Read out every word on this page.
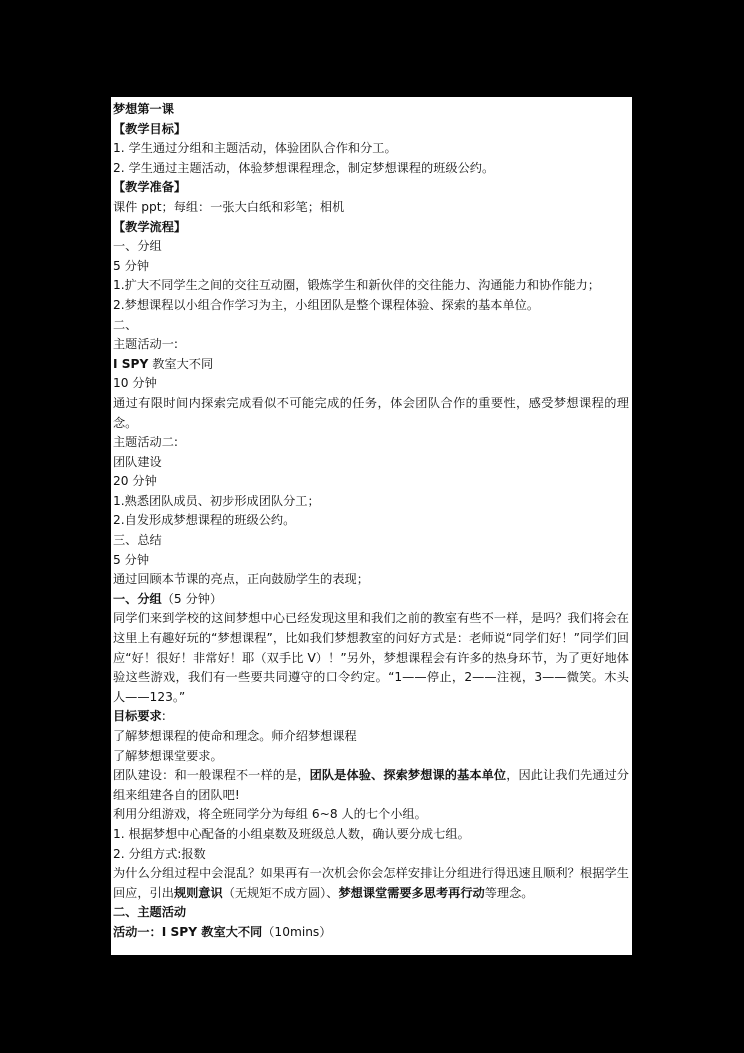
梦想第一课
【教学目标】
1. 学生通过分组和主题活动，体验团队合作和分工。
2. 学生通过主题活动，体验梦想课程理念，制定梦想课程的班级公约。
【教学准备】
课件 ppt；每组：一张大白纸和彩笔；相机
【教学流程】
一、分组
5 分钟
1.扩大不同学生之间的交往互动圈，锻炼学生和新伙伴的交往能力、沟通能力和协作能力；
2.梦想课程以小组合作学习为主，小组团队是整个课程体验、探索的基本单位。
二、
主题活动一:
I SPY 教室大不同
10 分钟
通过有限时间内探索完成看似不可能完成的任务，体会团队合作的重要性，感受梦想课程的理念。
主题活动二:
团队建设
20 分钟
1.熟悉团队成员、初步形成团队分工；
2.自发形成梦想课程的班级公约。
三、总结
5 分钟
通过回顾本节课的亮点，正向鼓励学生的表现；
一、分组（5 分钟）
同学们来到学校的这间梦想中心已经发现这里和我们之前的教室有些不一样，是吗？我们将会在这里上有趣好玩的“梦想课程”，比如我们梦想教室的问好方式是：老师说“同学们好！”同学们回应“好！很好！非常好！耶（双手比 V）！”另外，梦想课程会有许多的热身环节，为了更好地体验这些游戏，我们有一些要共同遵守的口令约定。“1——停止，2——注视，3——微笑。木头人——123。”
目标要求:
了解梦想课程的使命和理念。师介绍梦想课程
了解梦想课堂要求。
团队建设：和一般课程不一样的是，团队是体验、探索梦想课的基本单位，因此让我们先通过分组来组建各自的团队吧!
利用分组游戏，将全班同学分为每组 6~8 人的七个小组。
1. 根据梦想中心配备的小组桌数及班级总人数，确认要分成七组。
2. 分组方式:报数
为什么分组过程中会混乱？如果再有一次机会你会怎样安排让分组进行得迅速且顺利？根据学生回应，引出规则意识（无规矩不成方圆）、梦想课堂需要多思考再行动等理念。
二、主题活动
活动一：I SPY 教室大不同（10mins）
